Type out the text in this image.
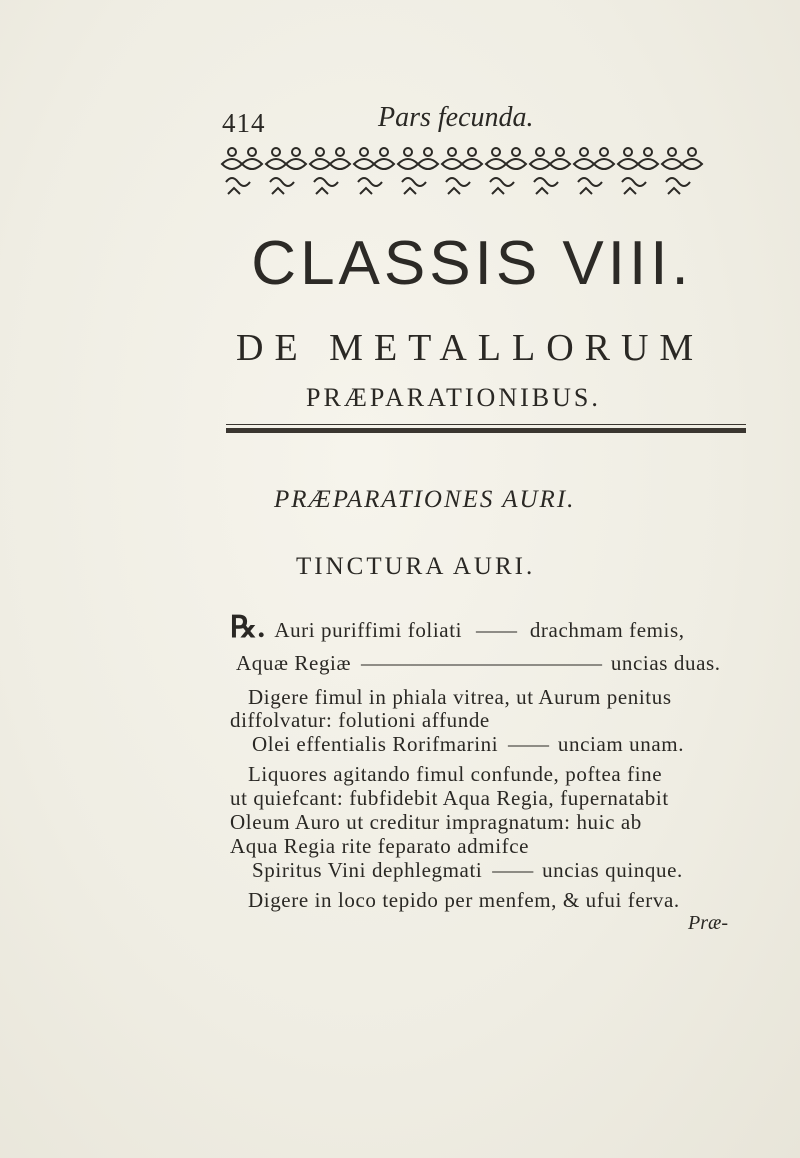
414	Pars fecunda.
CLASSIS VIII.
DE METALLORUM
PRÆPARATIONIBUS.
PRÆPARATIONES AURI.
TINCTURA AURI.
℞. Auri puriffimi foliati —— drachmam femis,
Aquæ Regiæ ———————————— uncias duas.
Digere fimul in phiala vitrea, ut Aurum penitus
diffolvatur: folutioni affunde
Olei effentialis Rorifmarini —— unciam unam.
Liquores agitando fimul confunde, poftea fine
ut quiefcant: fubfidebit Aqua Regia, fupernatabit
Oleum Auro ut creditur impragnatum: huic ab
Aqua Regia rite feparato admifce
Spiritus Vini dephlegmati —— uncias quinque.
Digere in loco tepido per menfem, & ufui ferva.
Præ-
